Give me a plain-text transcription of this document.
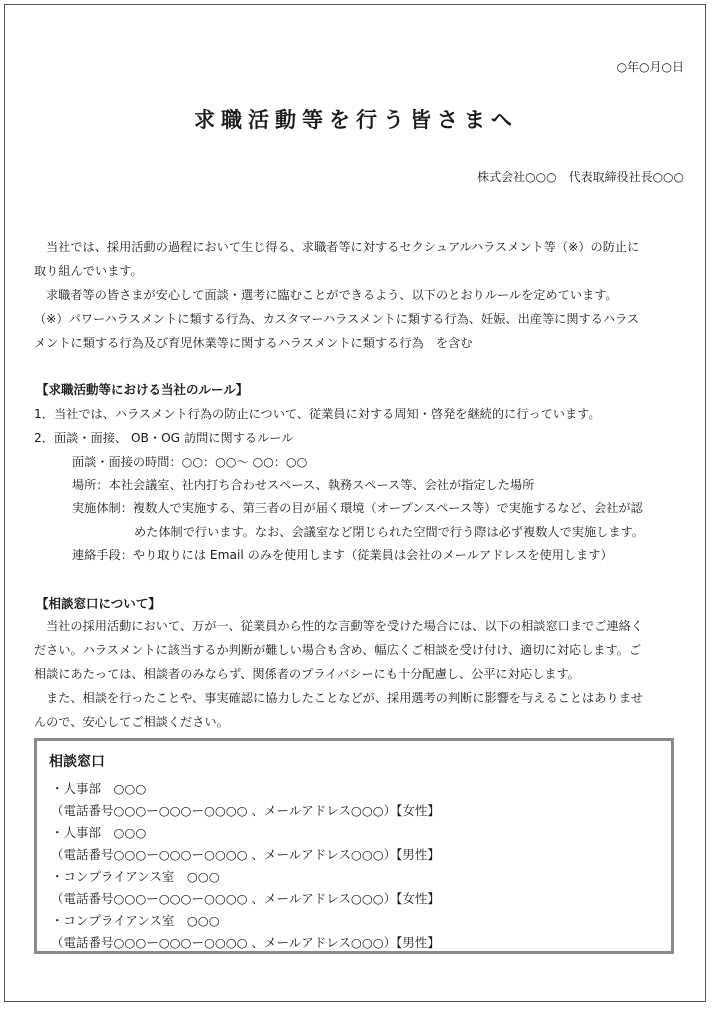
○年○月○日
求職活動等を行う皆さまへ
株式会社○○○　代表取締役社長○○○
当社では、採用活動の過程において生じ得る、求職者等に対するセクシュアルハラスメント等（※）の防止に
取り組んでいます。
求職者等の皆さまが安心して面談・選考に臨むことができるよう、以下のとおりルールを定めています。
（※）パワーハラスメントに類する行為、カスタマーハラスメントに類する行為、妊娠、出産等に関するハラス
メントに類する行為及び育児休業等に関するハラスメントに類する行為　を含む
【求職活動等における当社のルール】
1．当社では、ハラスメント行為の防止について、従業員に対する周知・啓発を継続的に行っています。
2．面談・面接、 OB・OG 訪問に関するルール
面談・面接の時間：○○：○○～ ○○：○○
場所：本社会議室、社内打ち合わせスペース、執務スペース等、会社が指定した場所
実施体制：複数人で実施する、第三者の目が届く環境（オープンスペース等）で実施するなど、会社が認
めた体制で行います。なお、会議室など閉じられた空間で行う際は必ず複数人で実施します。
連絡手段：やり取りには Email のみを使用します（従業員は会社のメールアドレスを使用します）
【相談窓口について】
当社の採用活動において、万が一、従業員から性的な言動等を受けた場合には、以下の相談窓口までご連絡く
ださい。ハラスメントに該当するか判断が難しい場合も含め、幅広くご相談を受け付け、適切に対応します。ご
相談にあたっては、相談者のみならず、関係者のプライバシーにも十分配慮し、公平に対応します。
また、相談を行ったことや、事実確認に協力したことなどが、採用選考の判断に影響を与えることはありませ
んので、安心してご相談ください。
相談窓口
・人事部　○○○
（電話番号○○○ー○○○ー○○○○ 、メールアドレス○○○）【女性】
・人事部　○○○
（電話番号○○○ー○○○ー○○○○ 、メールアドレス○○○）【男性】
・コンプライアンス室　○○○
（電話番号○○○ー○○○ー○○○○ 、メールアドレス○○○）【女性】
・コンプライアンス室　○○○
（電話番号○○○ー○○○ー○○○○ 、メールアドレス○○○）【男性】
